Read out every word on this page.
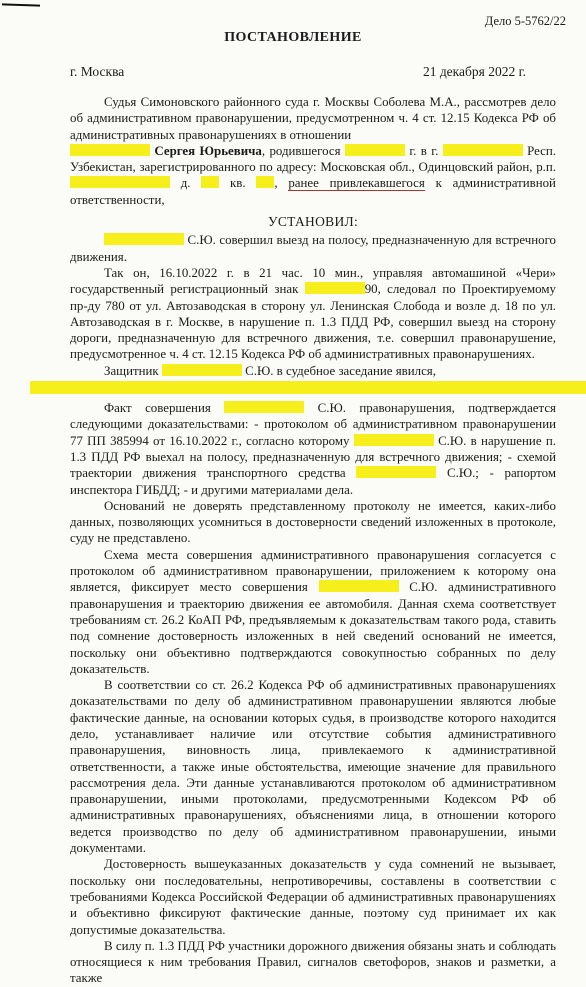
Дело 5-5762/22
ПОСТАНОВЛЕНИЕ
г. Москва	21 декабря 2022 г.

Судья Симоновского районного суда г. Москвы Соболева М.А., рассмотрев дело об административном правонарушении, предусмотренном ч. 4 ст. 12.15 Кодекса РФ об административных правонарушениях в отношении
Сергея Юрьевича, родившегося	г. в г.	Респ. Узбекистан, зарегистрированного по адресу: Московская обл., Одинцовский район, р.п.  д.	кв. , ранее привлекавшегося к административной ответственности,

УСТАНОВИЛ:

С.Ю. совершил выезд на полосу, предназначенную для встречного движения.

Так он, 16.10.2022 г. в 21 час. 10 мин., управляя автомашиной «Чери» государственный регистрационный знак	90, следовал по Проектируемому пр-ду 780 от ул. Автозаводская в сторону ул. Ленинская Слобода и возле д. 18 по ул. Автозаводская в г. Москве, в нарушение п. 1.3 ПДД РФ, совершил выезд на сторону дороги, предназначенную для встречного движения, т.е. совершил правонарушение, предусмотренное ч. 4 ст. 12.15 Кодекса РФ об административных правонарушениях.

Защитник	С.Ю. в судебное заседание явился,

Факт совершения	С.Ю. правонарушения, подтверждается следующими доказательствами: - протоколом об административном правонарушении 77 ПП 385994 от 16.10.2022 г., согласно которому	С.Ю. в нарушение п. 1.3 ПДД РФ выехал на полосу, предназначенную для встречного движения; - схемой траектории движения транспортного средства	С.Ю.; - рапортом инспектора ГИБДД; - и другими материалами дела.

Оснований не доверять представленному протоколу не имеется, каких-либо данных, позволяющих усомниться в достоверности сведений изложенных в протоколе, суду не представлено.

Схема места совершения административного правонарушения согласуется с протоколом об административном правонарушении, приложением к которому она является, фиксирует место совершения	С.Ю. административного правонарушения и траекторию движения ее автомобиля. Данная схема соответствует требованиям ст. 26.2 КоАП РФ, предъявляемым к доказательствам такого рода, ставить под сомнение достоверность изложенных в ней сведений оснований не имеется, поскольку они объективно подтверждаются совокупностью собранных по делу доказательств.

В соответствии со ст. 26.2 Кодекса РФ об административных правонарушениях доказательствами по делу об административном правонарушении являются любые фактические данные, на основании которых судья, в производстве которого находится дело, устанавливает наличие или отсутствие события административного правонарушения, виновность лица, привлекаемого к административной ответственности, а также иные обстоятельства, имеющие значение для правильного рассмотрения дела. Эти данные устанавливаются протоколом об административном правонарушении, иными протоколами, предусмотренными Кодексом РФ об административных правонарушениях, объяснениями лица, в отношении которого ведется производство по делу об административном правонарушении, иными документами.

Достоверность вышеуказанных доказательств у суда сомнений не вызывает, поскольку они последовательны, непротиворечивы, составлены в соответствии с требованиями Кодекса Российской Федерации об административных правонарушениях и объективно фиксируют фактические данные, поэтому суд принимает их как допустимые доказательства.

В силу п. 1.3 ПДД РФ участники дорожного движения обязаны знать и соблюдать относящиеся к ним требования Правил, сигналов светофоров, знаков и разметки, а также
